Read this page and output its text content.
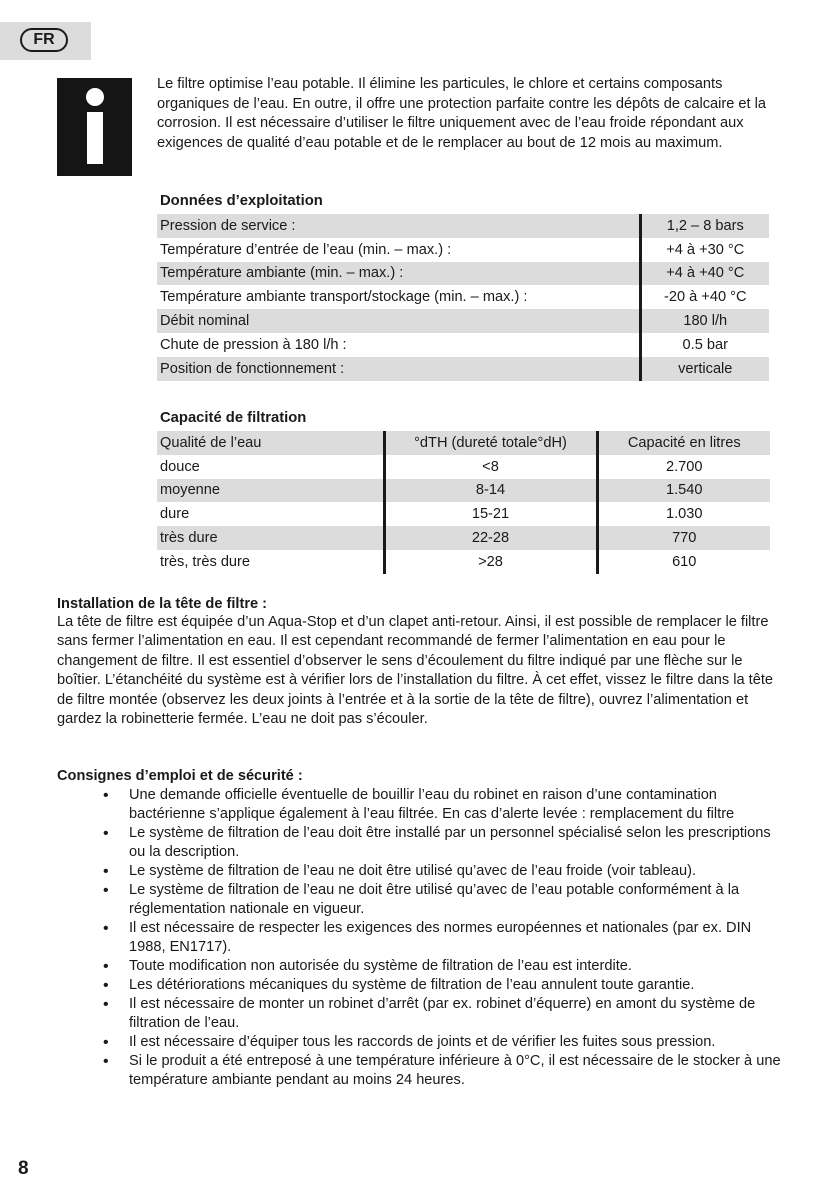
FR

Le filtre optimise l’eau potable. Il élimine les particules, le chlore et certains composants organiques de l’eau. En outre, il offre une protection parfaite contre les dépôts de calcaire et la corrosion. Il est nécessaire d’utiliser le filtre uniquement avec de l’eau froide répondant aux exigences de qualité d’eau potable et de le remplacer au bout de 12 mois au maximum.

Données d’exploitation

Pression de service :	1,2 – 8 bars
Température d’entrée de l’eau (min. – max.) :	+4 à +30 °C
Température ambiante (min. – max.) :	+4 à +40 °C
Température ambiante transport/stockage (min. – max.) :	-20 à +40 °C
Débit nominal	180 l/h
Chute de pression à 180 l/h :	0.5 bar
Position de fonctionnement :	verticale

Capacité de filtration

Qualité de l’eau	°dTH (dureté totale°dH)	Capacité en litres
douce	<8	2.700
moyenne	8-14	1.540
dure	15-21	1.030
très dure	22-28	770
très, très dure	>28	610

Installation de la tête de filtre :

La tête de filtre est équipée d’un Aqua-Stop et d’un clapet anti-retour. Ainsi, il est possible de remplacer le filtre sans fermer l’alimentation en eau. Il est cependant recommandé de fermer l’alimentation en eau pour le changement de filtre. Il est essentiel d’observer le sens d’écoulement du filtre indiqué par une flèche sur le boîtier. L’étanchéité du système est à vérifier lors de l’installation du filtre. À cet effet, vissez le filtre dans la tête de filtre montée (observez les deux joints à l’entrée et à la sortie de la tête de filtre), ouvrez l’alimentation et gardez la robinetterie fermée. L’eau ne doit pas s’écouler.

Consignes d’emploi et de sécurité :

• Une demande officielle éventuelle de bouillir l’eau du robinet en raison d’une contamination bactérienne s’applique également à l’eau filtrée. En cas d’alerte levée : remplacement du filtre
• Le système de filtration de l’eau doit être installé par un personnel spécialisé selon les prescriptions ou la description.
• Le système de filtration de l’eau ne doit être utilisé qu’avec de l’eau froide (voir tableau).
• Le système de filtration de l’eau ne doit être utilisé qu’avec de l’eau potable conformément à la réglementation nationale en vigueur.
• Il est nécessaire de respecter les exigences des normes européennes et nationales (par ex. DIN 1988, EN1717).
• Toute modification non autorisée du système de filtration de l’eau est interdite.
• Les détériorations mécaniques du système de filtration de l’eau annulent toute garantie.
• Il est nécessaire de monter un robinet d’arrêt (par ex. robinet d’équerre) en amont du système de filtration de l’eau.
• Il est nécessaire d’équiper tous les raccords de joints et de vérifier les fuites sous pression.
• Si le produit a été entreposé à une température inférieure à 0°C, il est nécessaire de le stocker à une température ambiante pendant au moins 24 heures.
8
